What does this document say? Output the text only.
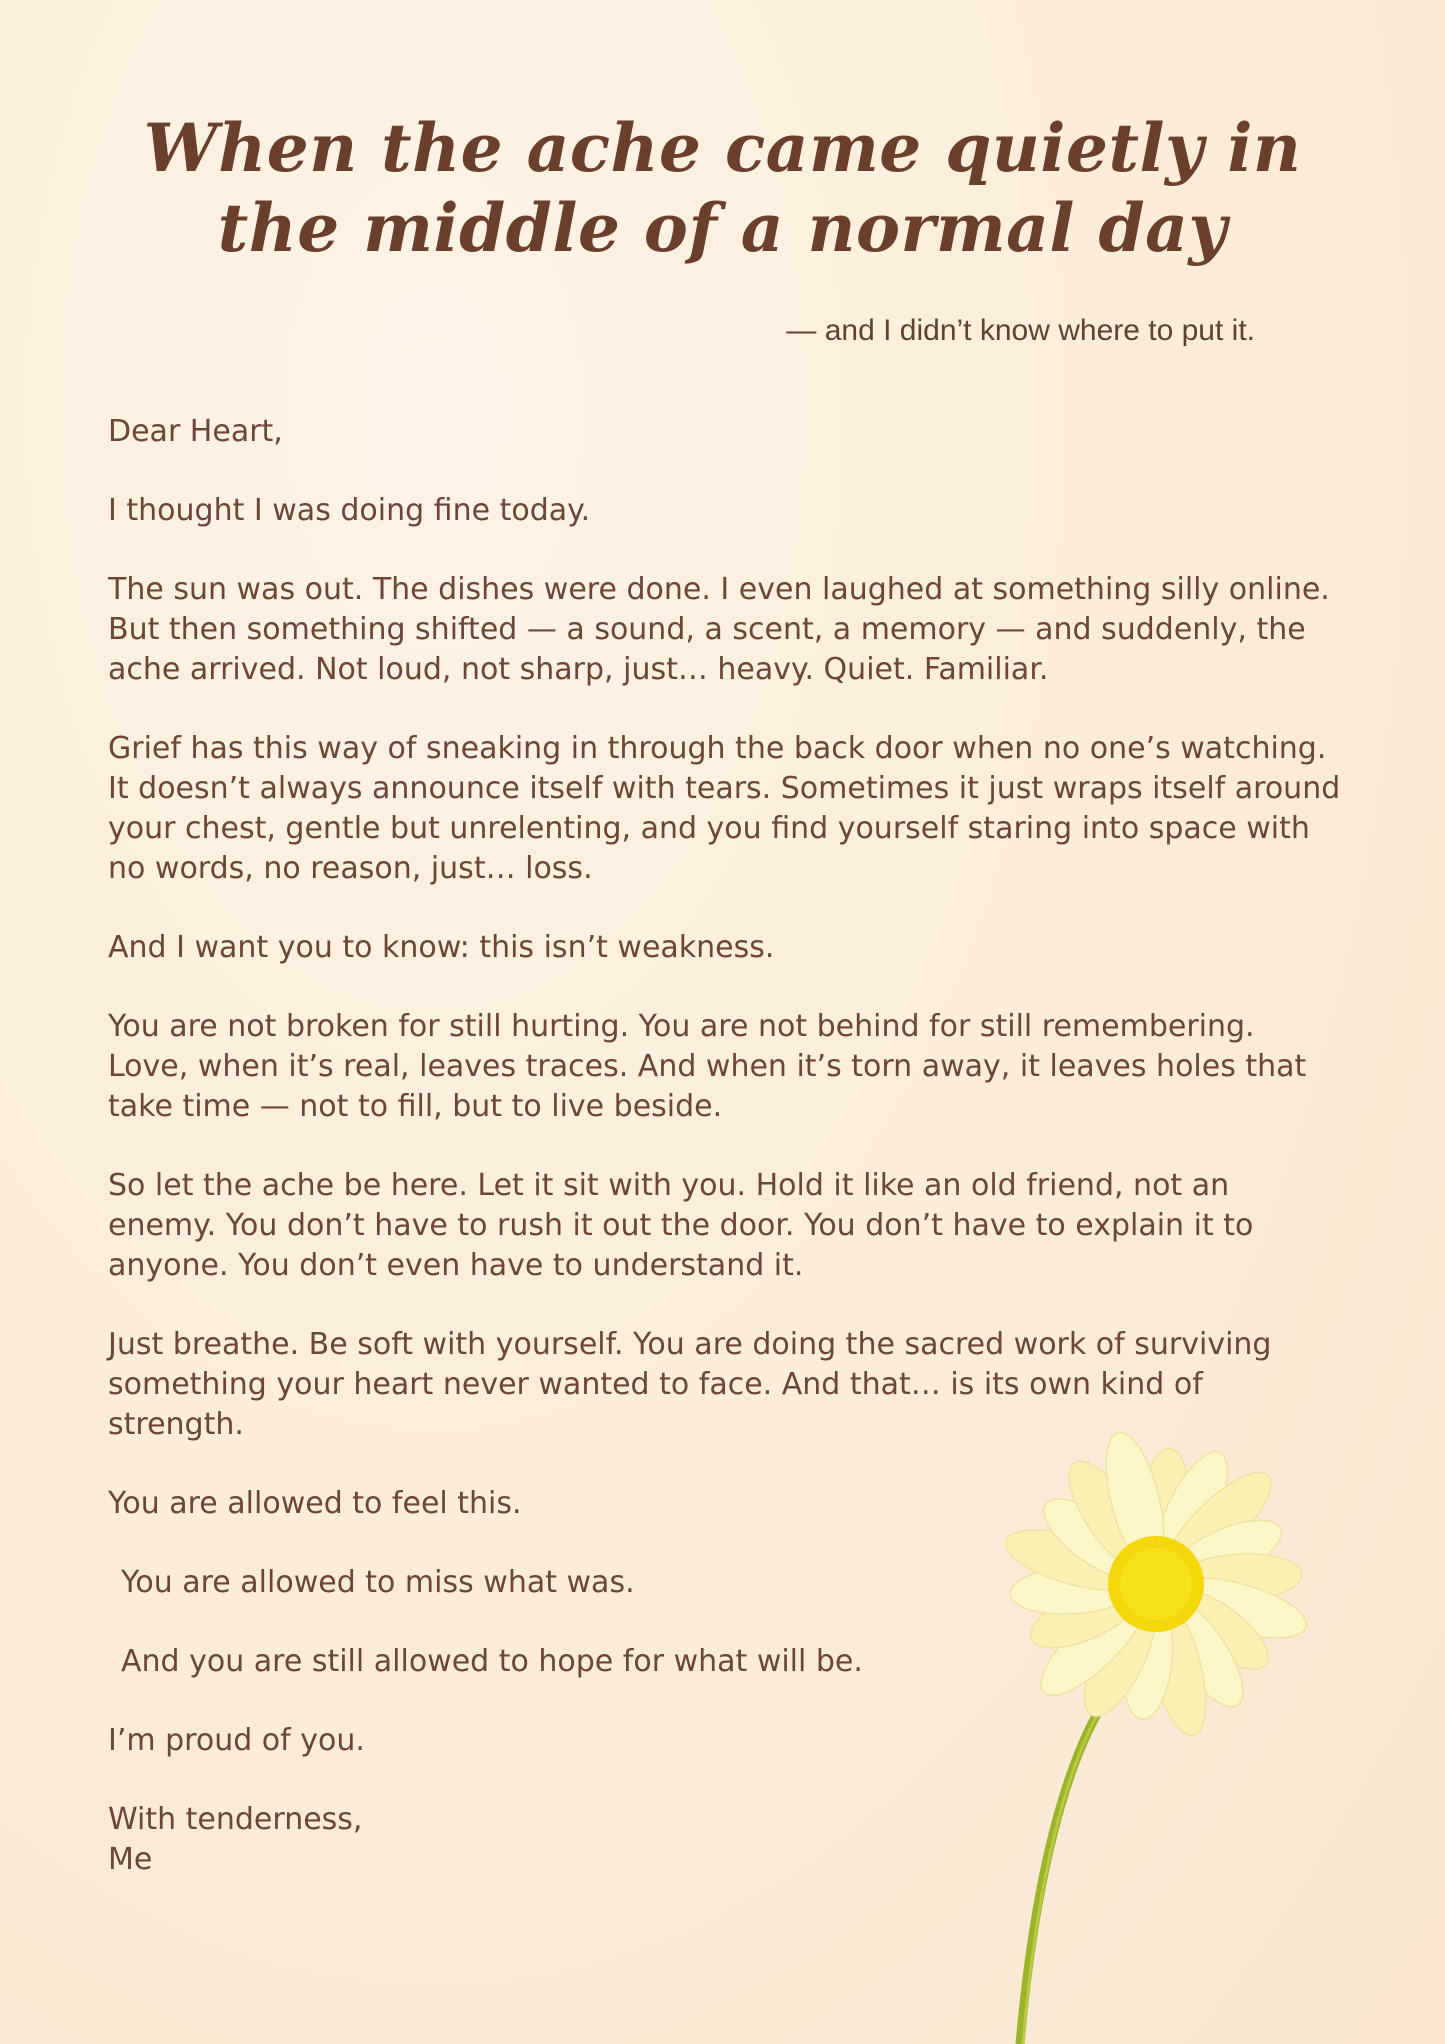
When the ache came quietly in
the middle of a normal day

— and I didn’t know where to put it.

Dear Heart,

I thought I was doing fine today.

The sun was out. The dishes were done. I even laughed at something silly online.
But then something shifted — a sound, a scent, a memory — and suddenly, the
ache arrived. Not loud, not sharp, just… heavy. Quiet. Familiar.

Grief has this way of sneaking in through the back door when no one’s watching.
It doesn’t always announce itself with tears. Sometimes it just wraps itself around
your chest, gentle but unrelenting, and you find yourself staring into space with
no words, no reason, just… loss.

And I want you to know: this isn’t weakness.

You are not broken for still hurting. You are not behind for still remembering.
Love, when it’s real, leaves traces. And when it’s torn away, it leaves holes that
take time — not to fill, but to live beside.

So let the ache be here. Let it sit with you. Hold it like an old friend, not an
enemy. You don’t have to rush it out the door. You don’t have to explain it to
anyone. You don’t even have to understand it.

Just breathe. Be soft with yourself. You are doing the sacred work of surviving
something your heart never wanted to face. And that… is its own kind of
strength.

You are allowed to feel this.

You are allowed to miss what was.

And you are still allowed to hope for what will be.

I’m proud of you.

With tenderness,

Me
